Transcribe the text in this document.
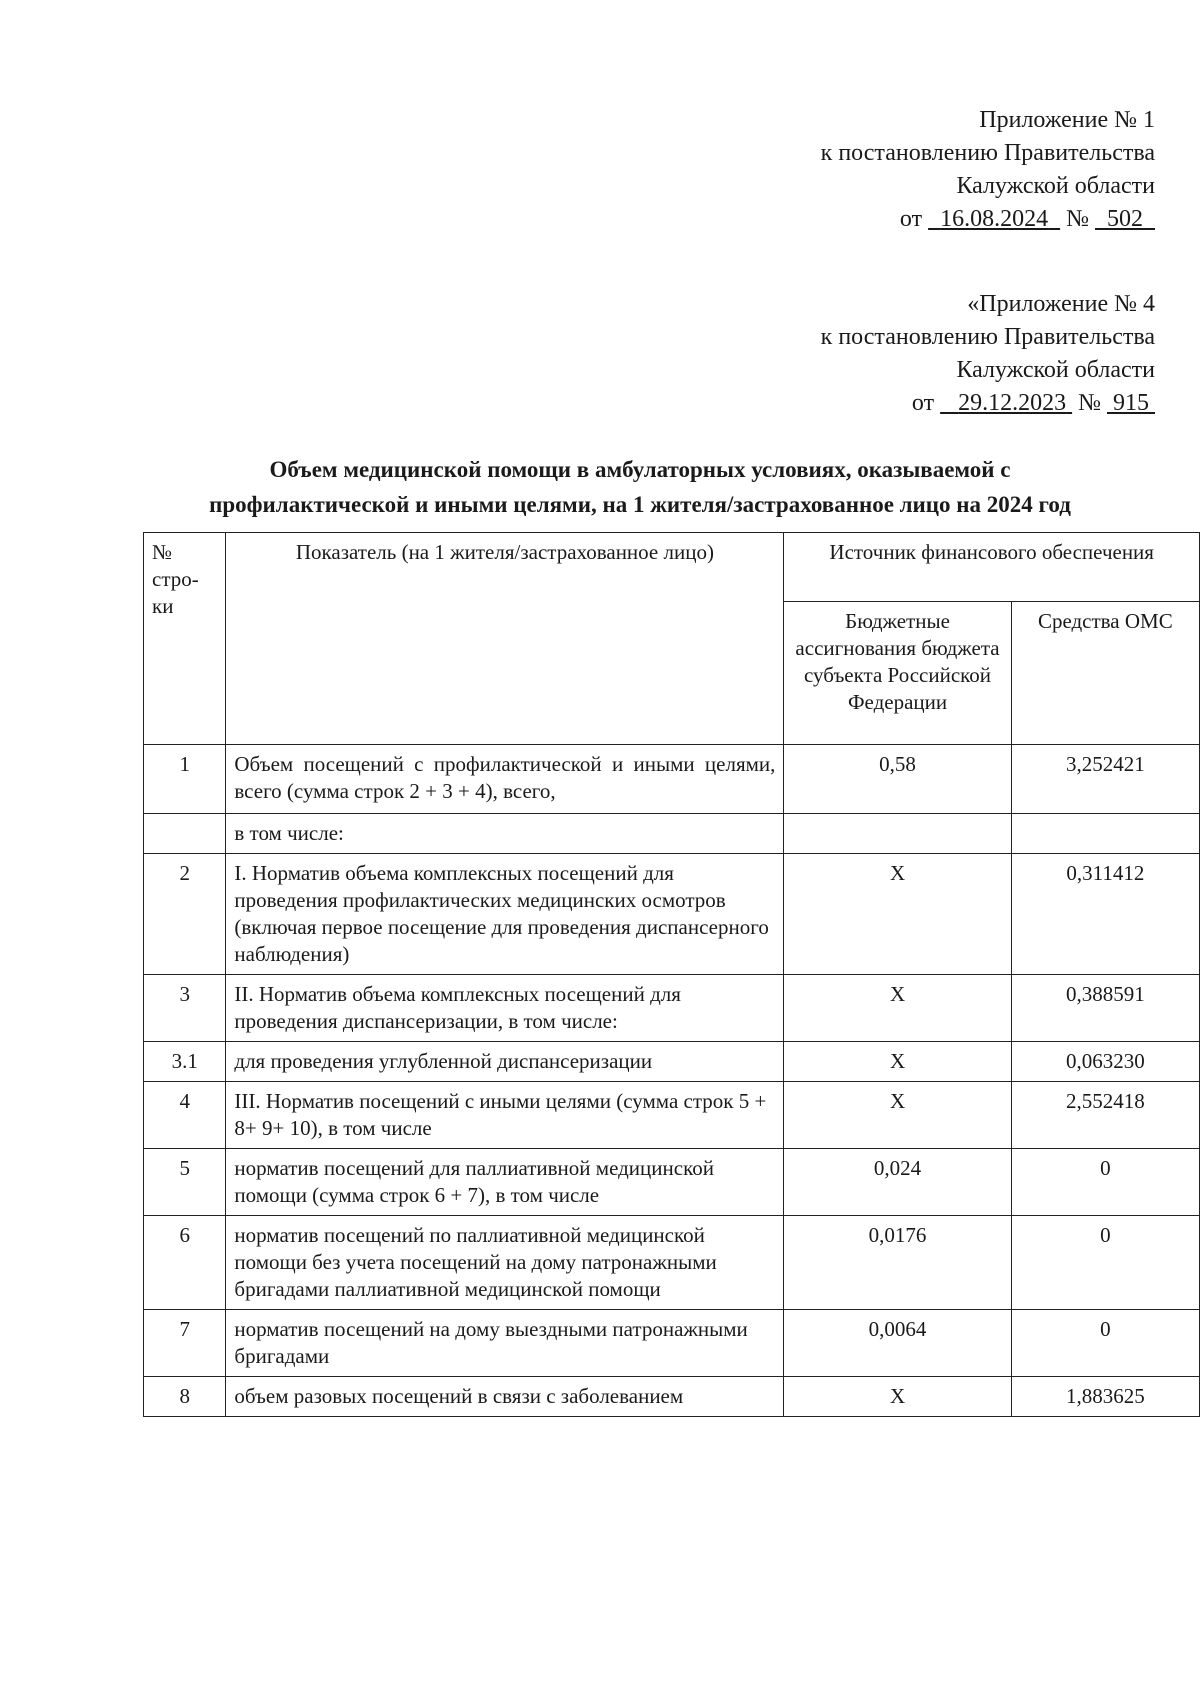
Приложение № 1
к постановлению Правительства
Калужской области
от 16.08.2024 № 502
«Приложение № 4
к постановлению Правительства
Калужской области
от 29.12.2023 № 915
Объем медицинской помощи в амбулаторных условиях, оказываемой с
профилактической и иными целями, на 1 жителя/застрахованное лицо на 2024 год
№ стро-ки	Показатель (на 1 жителя/застрахованное лицо)	Источник финансового обеспечения	
		Бюджетные ассигнования бюджета субъекта Российской Федерации	Средства ОМС
1	Объем посещений с профилактической и иными целями, всего (сумма строк 2 + 3 + 4), всего,	0,58	3,252421
	в том числе:		
2	I. Норматив объема комплексных посещений для проведения профилактических медицинских осмотров (включая первое посещение для проведения диспансерного наблюдения)	X	0,311412
3	II. Норматив объема комплексных посещений для проведения диспансеризации, в том числе:	X	0,388591
3.1	для проведения углубленной диспансеризации	X	0,063230
4	III. Норматив посещений с иными целями (сумма строк 5 + 8+ 9+ 10), в том числе	X	2,552418
5	норматив посещений для паллиативной медицинской помощи (сумма строк 6 + 7), в том числе	0,024	0
6	норматив посещений по паллиативной медицинской помощи без учета посещений на дому патронажными бригадами паллиативной медицинской помощи	0,0176	0
7	норматив посещений на дому выездными патронажными бригадами	0,0064	0
8	объем разовых посещений в связи с заболеванием	X	1,883625
